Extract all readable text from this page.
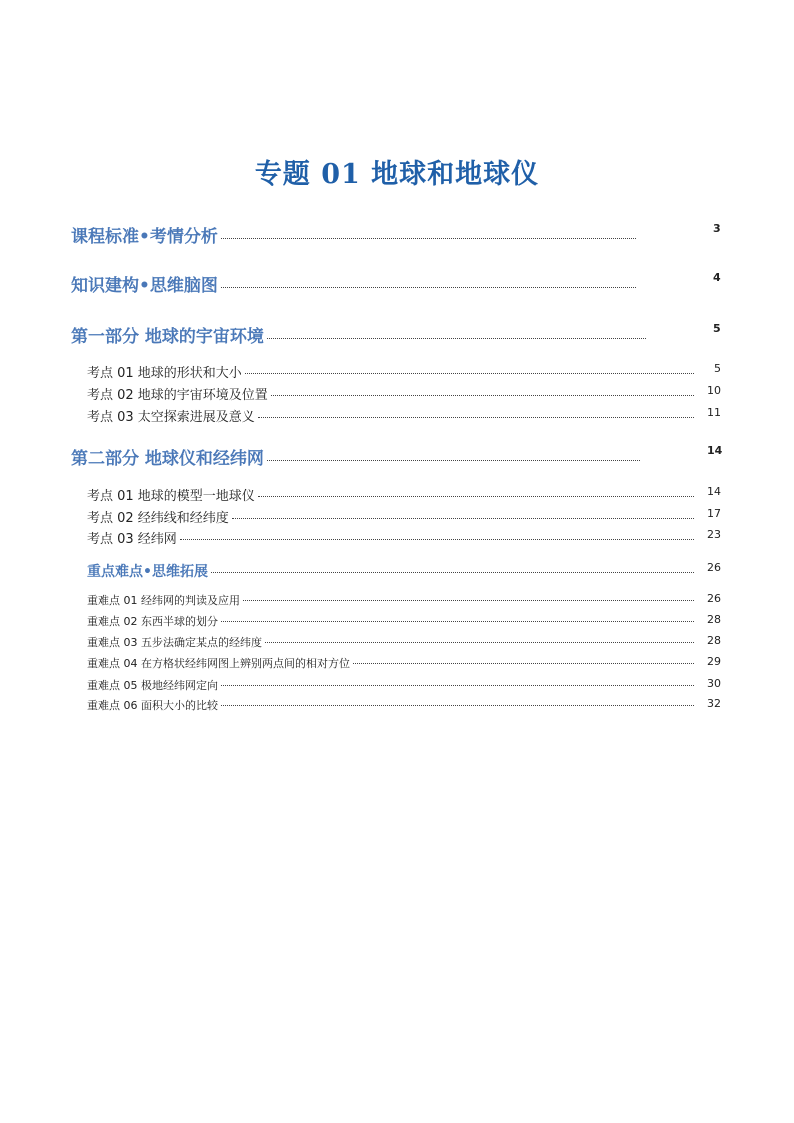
专题 01 地球和地球仪
课程标准•考情分析	3
知识建构•思维脑图	4
第一部分 地球的宇宙环境	5
考点 01 地球的形状和大小	5
考点 02 地球的宇宙环境及位置	10
考点 03 太空探索进展及意义	11
第二部分 地球仪和经纬网	14
考点 01 地球的模型一地球仪	14
考点 02 经纬线和经纬度	17
考点 03 经纬网	23
重点难点•思维拓展	26
重难点 01 经纬网的判读及应用	26
重难点 02 东西半球的划分	28
重难点 03 五步法确定某点的经纬度	28
重难点 04 在方格状经纬网图上辨别两点间的相对方位	29
重难点 05 极地经纬网定向	30
重难点 06 面积大小的比较	32
